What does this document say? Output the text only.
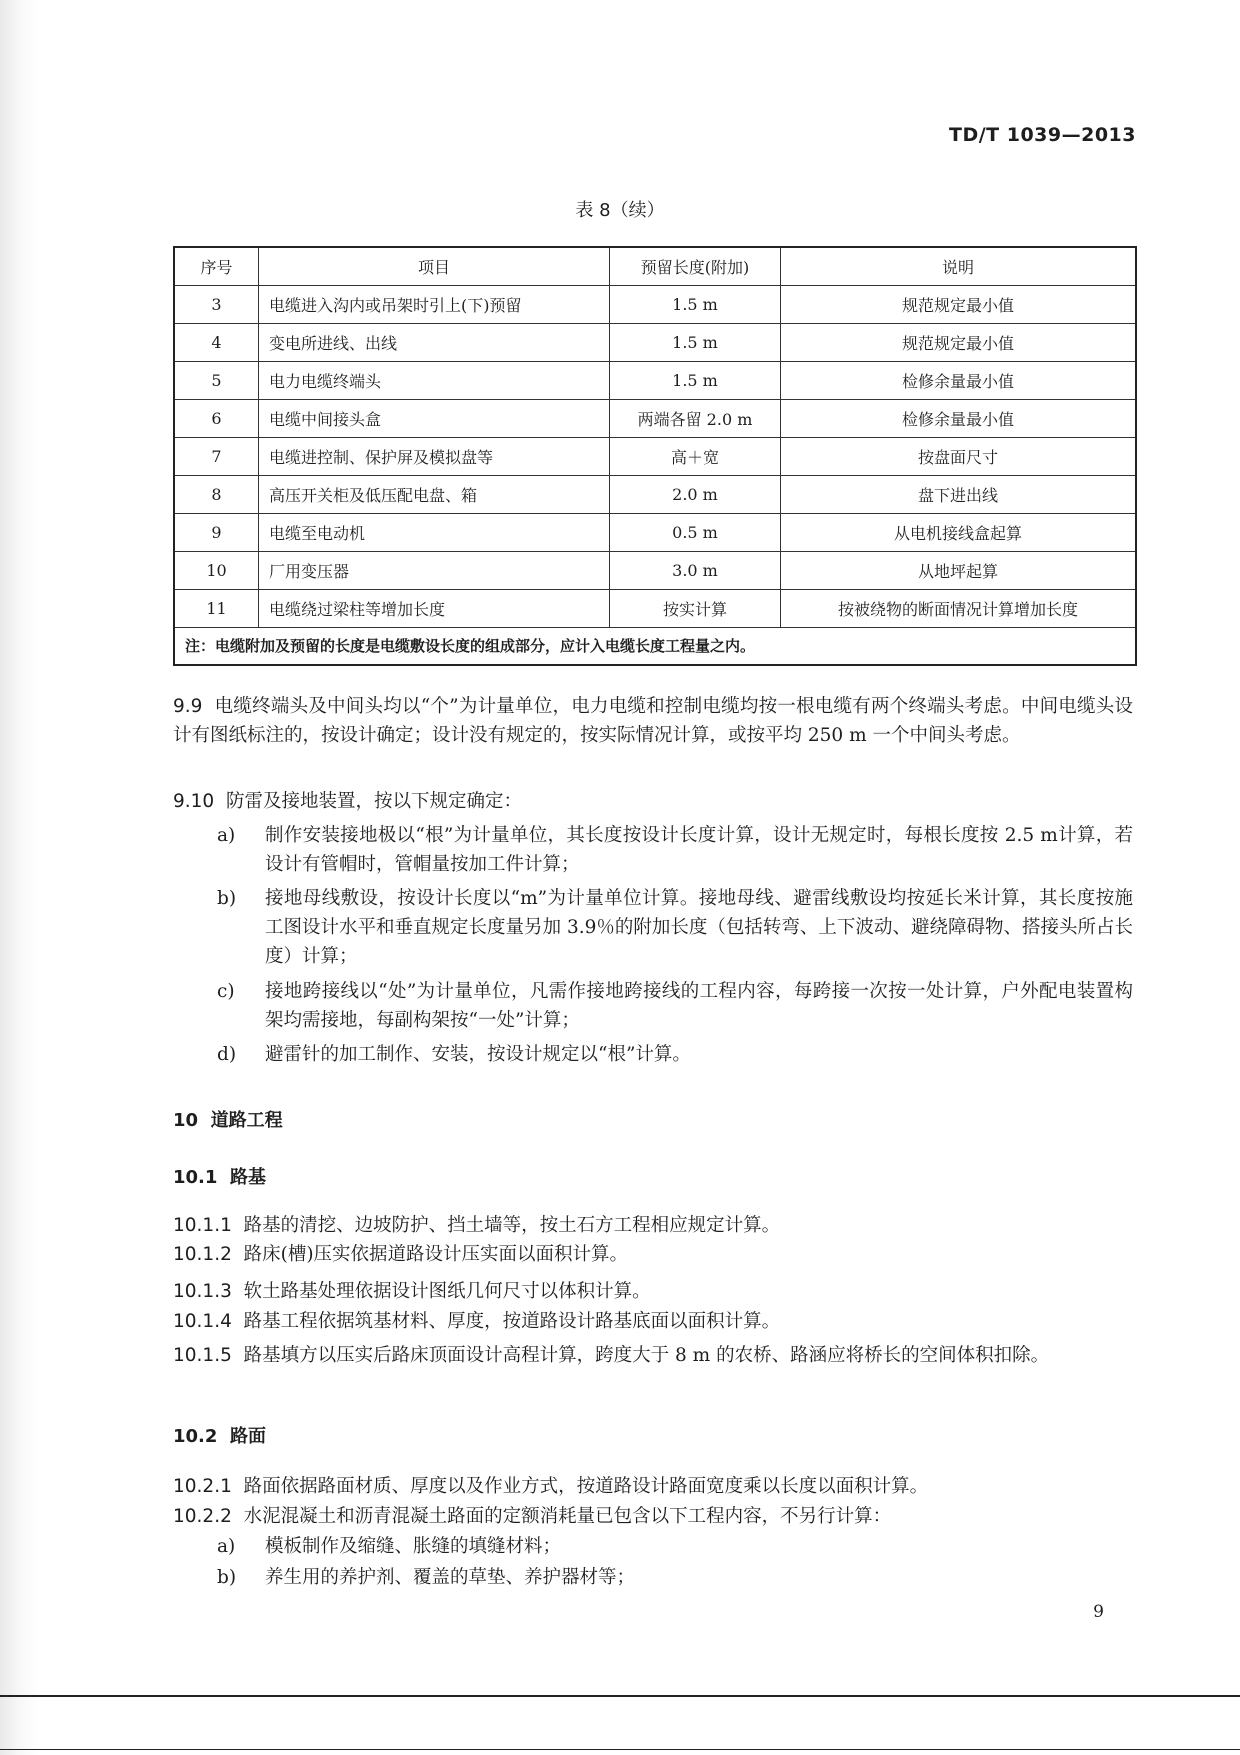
TD/T 1039—2013
表 8（续）
序号	项目	预留长度(附加)	说明
3	电缆进入沟内或吊架时引上(下)预留	1.5 m	规范规定最小值
4	变电所进线、出线	1.5 m	规范规定最小值
5	电力电缆终端头	1.5 m	检修余量最小值
6	电缆中间接头盒	两端各留 2.0 m	检修余量最小值
7	电缆进控制、保护屏及模拟盘等	高＋宽	按盘面尺寸
8	高压开关柜及低压配电盘、箱	2.0 m	盘下进出线
9	电缆至电动机	0.5 m	从电机接线盒起算
10	厂用变压器	3.0 m	从地坪起算
11	电缆绕过梁柱等增加长度	按实计算	按被绕物的断面情况计算增加长度
注：电缆附加及预留的长度是电缆敷设长度的组成部分，应计入电缆长度工程量之内。			
9.9 电缆终端头及中间头均以“个”为计量单位，电力电缆和控制电缆均按一根电缆有两个终端头考虑。中间电缆头设计有图纸标注的，按设计确定；设计没有规定的，按实际情况计算，或按平均 250 m 一个中间头考虑。
9.10 防雷及接地装置，按以下规定确定：
a)	制作安装接地极以“根”为计量单位，其长度按设计长度计算，设计无规定时，每根长度按 2.5 m计算，若设计有管帽时，管帽量按加工件计算；
b)	接地母线敷设，按设计长度以“m”为计量单位计算。接地母线、避雷线敷设均按延长米计算，其长度按施工图设计水平和垂直规定长度量另加 3.9％的附加长度（包括转弯、上下波动、避绕障碍物、搭接头所占长度）计算；
c)	接地跨接线以“处”为计量单位，凡需作接地跨接线的工程内容，每跨接一次按一处计算，户外配电装置构架均需接地，每副构架按“一处”计算；
d)	避雷针的加工制作、安装，按设计规定以“根”计算。
10 道路工程
10.1 路基
10.1.1 路基的清挖、边坡防护、挡土墙等，按土石方工程相应规定计算。
10.1.2 路床(槽)压实依据道路设计压实面以面积计算。
10.1.3 软土路基处理依据设计图纸几何尺寸以体积计算。
10.1.4 路基工程依据筑基材料、厚度，按道路设计路基底面以面积计算。
10.1.5 路基填方以压实后路床顶面设计高程计算，跨度大于 8 m 的农桥、路涵应将桥长的空间体积扣除。
10.2 路面
10.2.1 路面依据路面材质、厚度以及作业方式，按道路设计路面宽度乘以长度以面积计算。
10.2.2 水泥混凝土和沥青混凝土路面的定额消耗量已包含以下工程内容，不另行计算：
a)	模板制作及缩缝、胀缝的填缝材料；
b)	养生用的养护剂、覆盖的草垫、养护器材等；
9
